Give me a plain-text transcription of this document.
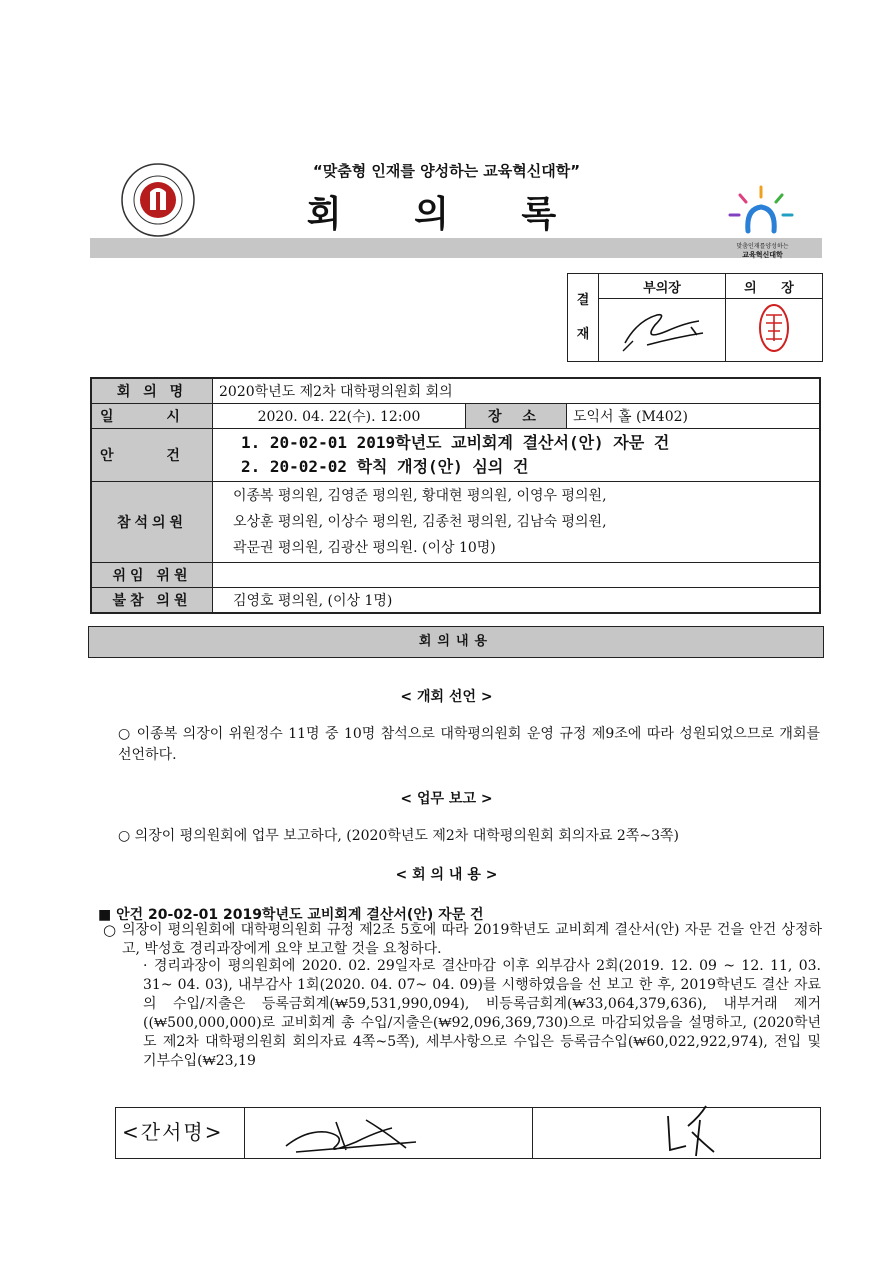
“맞춤형 인재를 양성하는 교육혁신대학”
회 의 록
맞춤인재를양성하는
교육혁신대학
결
재	부의장	의 장

회 의 명	2020학년도 제2차 대학평의원회 회의		
일 시	2020. 04. 22(수). 12:00	장 소	도익서 홀 (M402)
안 건	1. 20-02-01 2019학년도 교비회계 결산서(안) 자문 건
2. 20-02-02 학칙 개정(안) 심의 건		

참석의원	이종복 평의원, 김영준 평의원, 황대현 평의원, 이영우 평의원,
오상훈 평의원, 이상수 평의원, 김종천 평의원, 김남숙 평의원,
곽문권 평의원, 김광산 평의원. (이상 10명)		

위임 위원			
불참 의원	김영호 평의원, (이상 1명)		
회의내용
< 개회 선언 >
○ 이종복 의장이 위원정수 11명 중 10명 참석으로 대학평의원회 운영 규정 제9조에 따라 성원되었으므로 개회를 선언하다.
< 업무 보고 >
○ 의장이 평의원회에 업무 보고하다, (2020학년도 제2차 대학평의원회 회의자료 2쪽~3쪽)
< 회 의 내 용 >
■ 안건 20-02-01 2019학년도 교비회계 결산서(안) 자문 건
○ 의장이 평의원회에 대학평의원회 규정 제2조 5호에 따라 2019학년도 교비회계 결산서(안) 자문 건을 안건 상정하고, 박성호 경리과장에게 요약 보고할 것을 요청하다.
· 경리과장이 평의원회에 2020. 02. 29일자로 결산마감 이후 외부감사 2회(2019. 12. 09 ~ 12. 11, 03. 31~ 04. 03), 내부감사 1회(2020. 04. 07~ 04. 09)를 시행하였음을 선 보고 한 후, 2019학년도 결산 자료의 수입/지출은 등록금회계(₩59,531,990,094), 비등록금회계(₩33,064,379,636), 내부거래 제거((₩500,000,000)로 교비회계 총 수입/지출은(₩92,096,369,730)으로 마감되었음을 설명하고, (2020학년도 제2차 대학평의원회 회의자료 4쪽~5쪽), 세부사항으로 수입은 등록금수입(₩60,022,922,974), 전입 및 기부수입(₩23,19
<간서명>
